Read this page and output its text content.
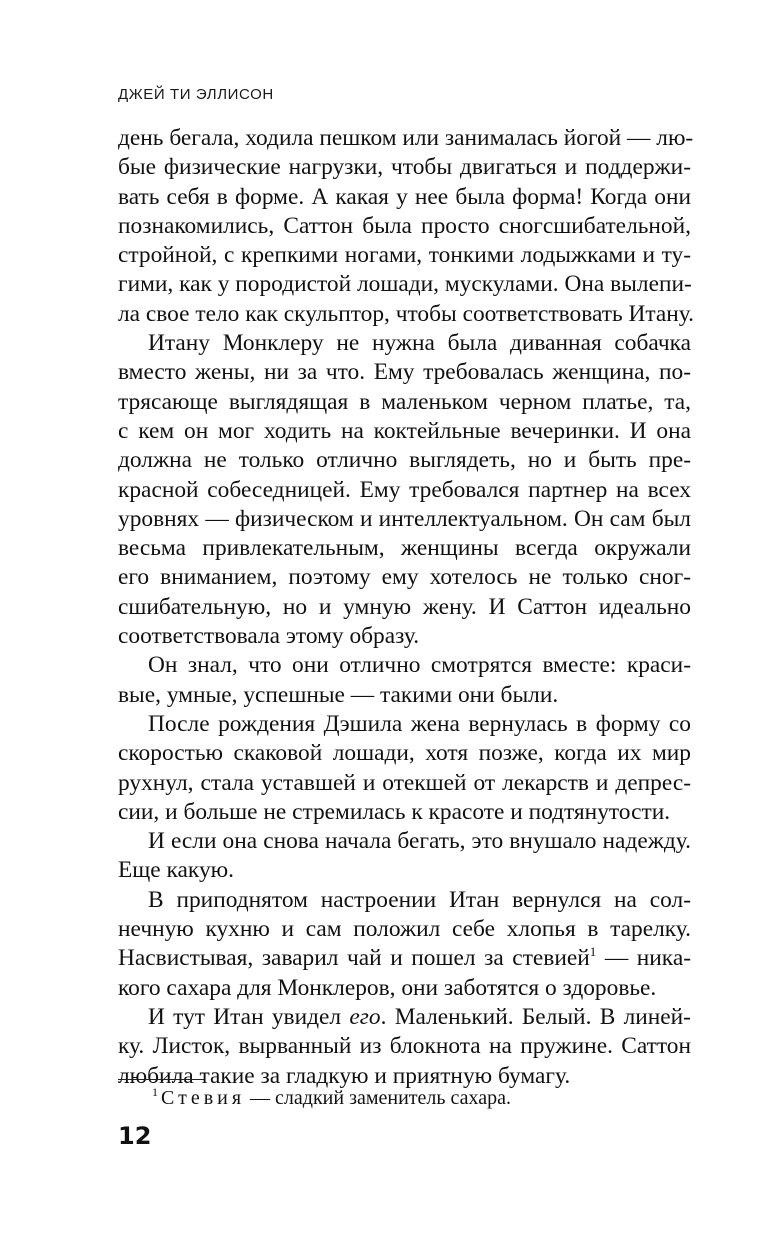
ДЖЕЙ ТИ ЭЛЛИСОН
день бегала, ходила пешком или занималась йогой — лю-
бые физические нагрузки, чтобы двигаться и поддержи-
вать себя в форме. А какая у нее была форма! Когда они
познакомились, Саттон была просто сногсшибательной,
стройной, с крепкими ногами, тонкими лодыжками и ту-
гими, как у породистой лошади, мускулами. Она вылепи-
ла свое тело как скульптор, чтобы соответствовать Итану.
Итану Монклеру не нужна была диванная собачка
вместо жены, ни за что. Ему требовалась женщина, по-
трясающе выглядящая в маленьком черном платье, та,
с кем он мог ходить на коктейльные вечеринки. И она
должна не только отлично выглядеть, но и быть пре-
красной собеседницей. Ему требовался партнер на всех
уровнях — физическом и интеллектуальном. Он сам был
весьма привлекательным, женщины всегда окружали
его вниманием, поэтому ему хотелось не только снoг-
сшибательную, но и умную жену. И Саттон идеально
соответствовала этому образу.
Он знал, что они отлично смотрятся вместе: краси-
вые, умные, успешные — такими они были.
После рождения Дэшила жена вернулась в форму со
скоростью скаковой лошади, хотя позже, когда их мир
рухнул, стала уставшей и отекшей от лекарств и депрес-
сии, и больше не стремилась к красоте и подтянутости.
И если она снова начала бегать, это внушало надежду.
Еще какую.
В приподнятом настроении Итан вернулся на сол-
нечную кухню и сам положил себе хлопья в тарелку.
Насвистывая, заварил чай и пошел за стевией$^1$ — ника-
кого сахара для Монклеров, они заботятся о здоровье.
И тут Итан увидел его. Маленький. Белый. В линей-
ку. Листок, вырванный из блокнота на пружине. Саттон
любила такие за гладкую и приятную бумагу.
$^1$ Стевия — сладкий заменитель сахара.
12
